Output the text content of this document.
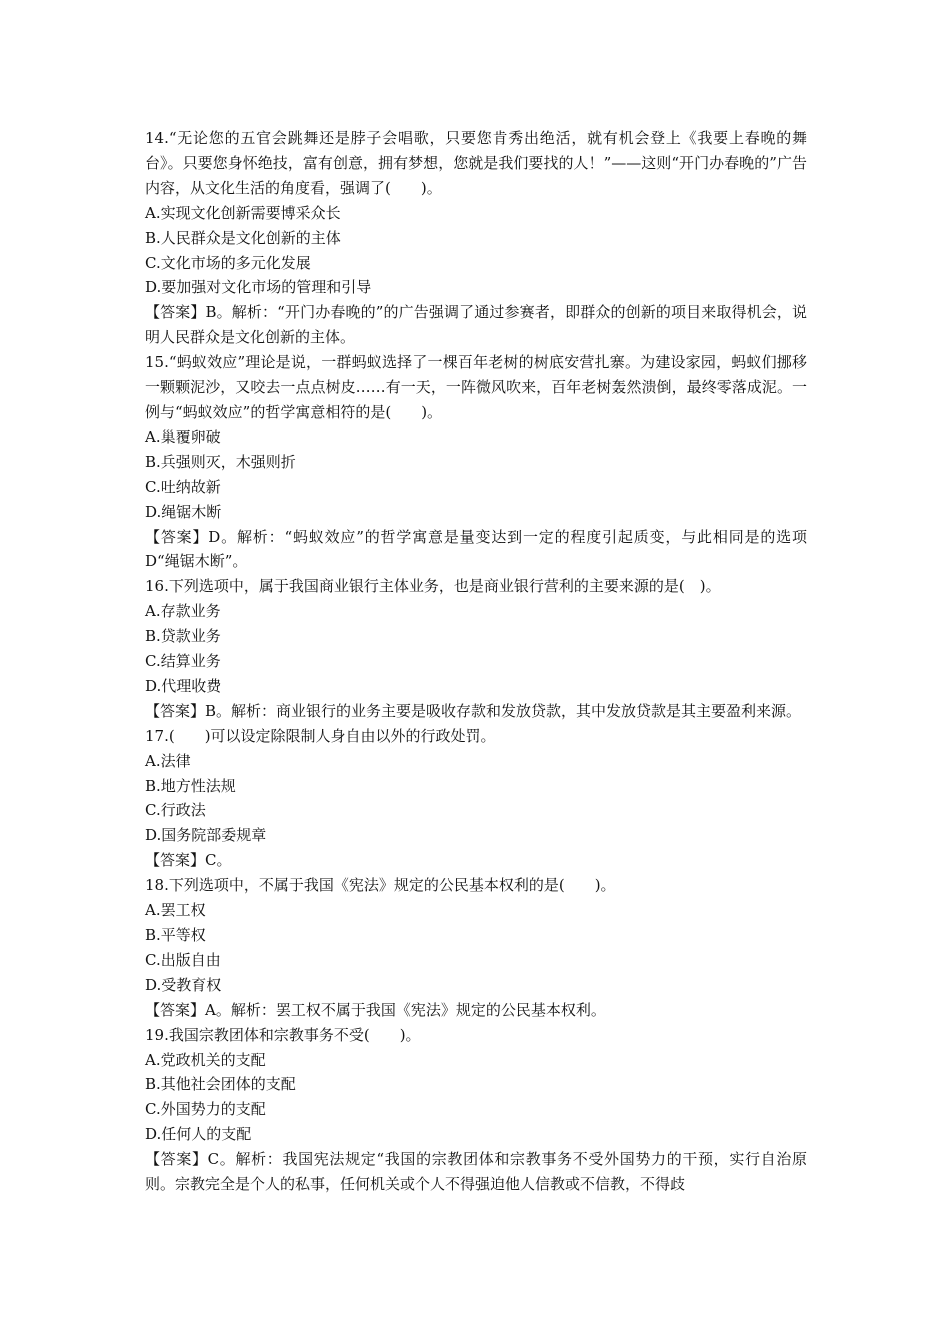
14.“无论您的五官会跳舞还是脖子会唱歌，只要您肯秀出绝活，就有机会登上《我要上春晚的舞台》。只要您身怀绝技，富有创意，拥有梦想，您就是我们要找的人！”——这则“开门办春晚的”广告内容，从文化生活的角度看，强调了(　　)。

A.实现文化创新需要博采众长

B.人民群众是文化创新的主体

C.文化市场的多元化发展

D.要加强对文化市场的管理和引导

【答案】B。解析：“开门办春晚的”的广告强调了通过参赛者，即群众的创新的项目来取得机会，说明人民群众是文化创新的主体。

15.“蚂蚁效应”理论是说，一群蚂蚁选择了一棵百年老树的树底安营扎寨。为建设家园，蚂蚁们挪移一颗颗泥沙，又咬去一点点树皮……有一天，一阵微风吹来，百年老树轰然溃倒，最终零落成泥。一例与“蚂蚁效应”的哲学寓意相符的是(　　)。

A.巢覆卵破

B.兵强则灭，木强则折

C.吐纳故新

D.绳锯木断

【答案】D。解析：“蚂蚁效应”的哲学寓意是量变达到一定的程度引起质变，与此相同是的选项D“绳锯木断”。

16.下列选项中，属于我国商业银行主体业务，也是商业银行营利的主要来源的是(　)。

A.存款业务

B.贷款业务

C.结算业务

D.代理收费

【答案】B。解析：商业银行的业务主要是吸收存款和发放贷款，其中发放贷款是其主要盈利来源。

17.(　　)可以设定除限制人身自由以外的行政处罚。

A.法律

B.地方性法规

C.行政法

D.国务院部委规章

【答案】C。

18.下列选项中，不属于我国《宪法》规定的公民基本权利的是(　　)。

A.罢工权

B.平等权

C.出版自由

D.受教育权

【答案】A。解析：罢工权不属于我国《宪法》规定的公民基本权利。

19.我国宗教团体和宗教事务不受(　　)。

A.党政机关的支配

B.其他社会团体的支配

C.外国势力的支配

D.任何人的支配

【答案】C。解析：我国宪法规定“我国的宗教团体和宗教事务不受外国势力的干预，实行自治原则。宗教完全是个人的私事，任何机关或个人不得强迫他人信教或不信教，不得歧
